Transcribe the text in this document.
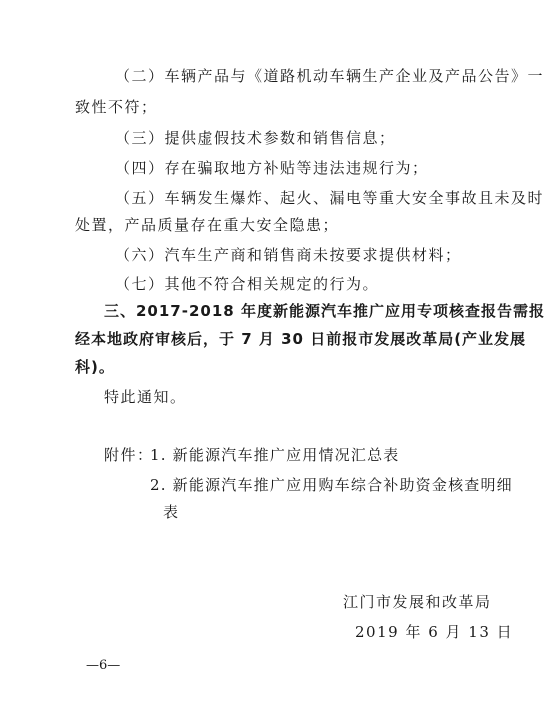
（二）车辆产品与《道路机动车辆生产企业及产品公告》一
致性不符；
（三）提供虚假技术参数和销售信息；
（四）存在骗取地方补贴等违法违规行为；
（五）车辆发生爆炸、起火、漏电等重大安全事故且未及时
处置，产品质量存在重大安全隐患；
（六）汽车生产商和销售商未按要求提供材料；
（七）其他不符合相关规定的行为。
三、2017-2018 年度新能源汽车推广应用专项核查报告需报
经本地政府审核后，于 7 月 30 日前报市发展改革局(产业发展
科)。
特此通知。
附件：
1. 新能源汽车推广应用情况汇总表
2. 新能源汽车推广应用购车综合补助资金核查明细
表
江门市发展和改革局
2019 年 6 月 13 日
—6—
